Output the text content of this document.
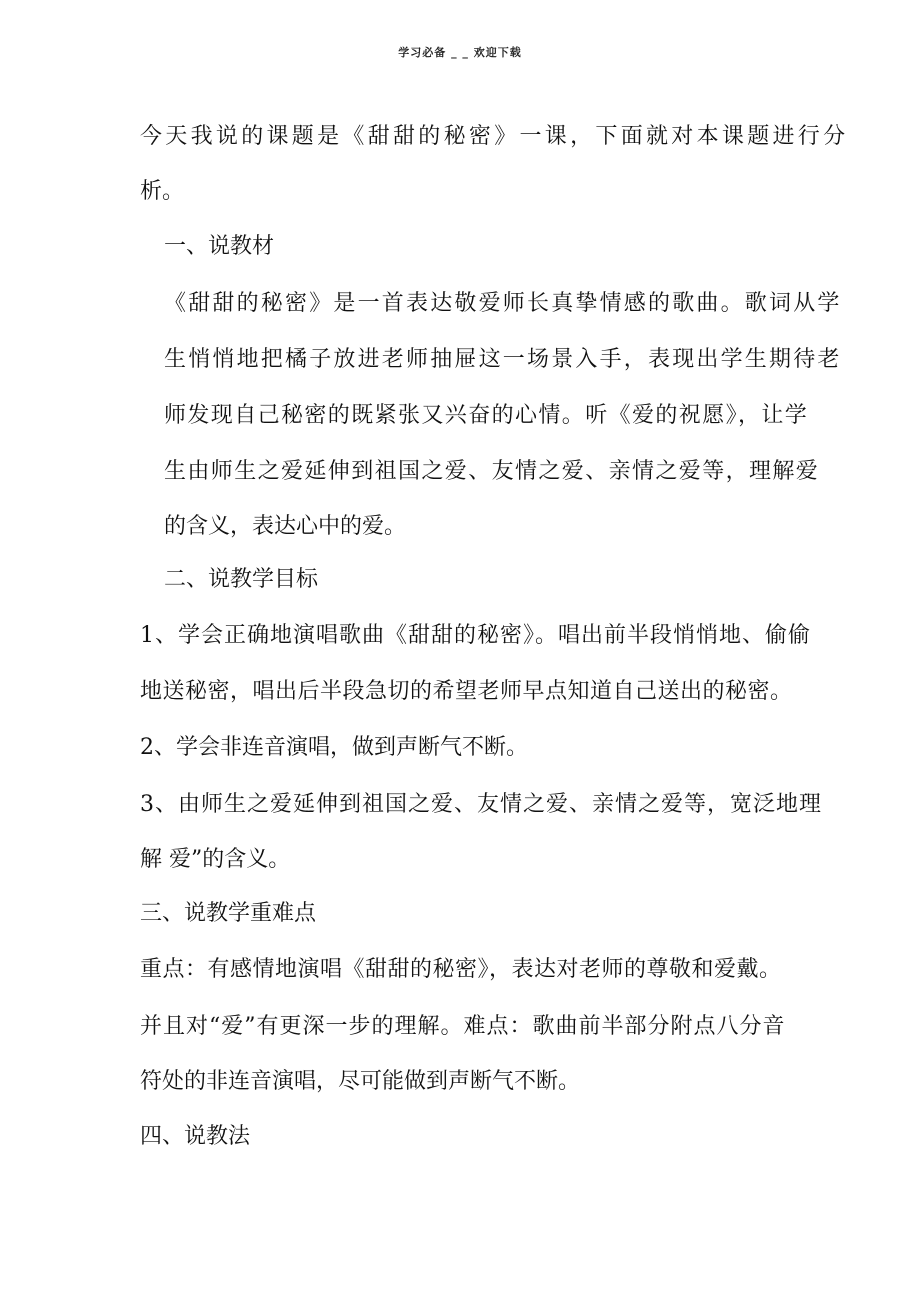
学习必备 _ _ 欢迎下载
今天我说的课题是《甜甜的秘密》一课，下面就对本课题进行分
析。
一、说教材
《甜甜的秘密》是一首表达敬爱师长真挚情感的歌曲。歌词从学
生悄悄地把橘子放进老师抽屉这一场景入手，表现出学生期待老
师发现自己秘密的既紧张又兴奋的心情。听《爱的祝愿》，让学
生由师生之爱延伸到祖国之爱、友情之爱、亲情之爱等，理解爱
的含义，表达心中的爱。
二、说教学目标
1、学会正确地演唱歌曲《甜甜的秘密》。唱出前半段悄悄地、偷偷
地送秘密，唱出后半段急切的希望老师早点知道自己送出的秘密。
2、学会非连音演唱，做到声断气不断。
3、由师生之爱延伸到祖国之爱、友情之爱、亲情之爱等，宽泛地理
解 爱”的含义。
三、说教学重难点
重点：有感情地演唱《甜甜的秘密》，表达对老师的尊敬和爱戴。
并且对“爱”有更深一步的理解。难点：歌曲前半部分附点八分音
符处的非连音演唱，尽可能做到声断气不断。
四、说教法
